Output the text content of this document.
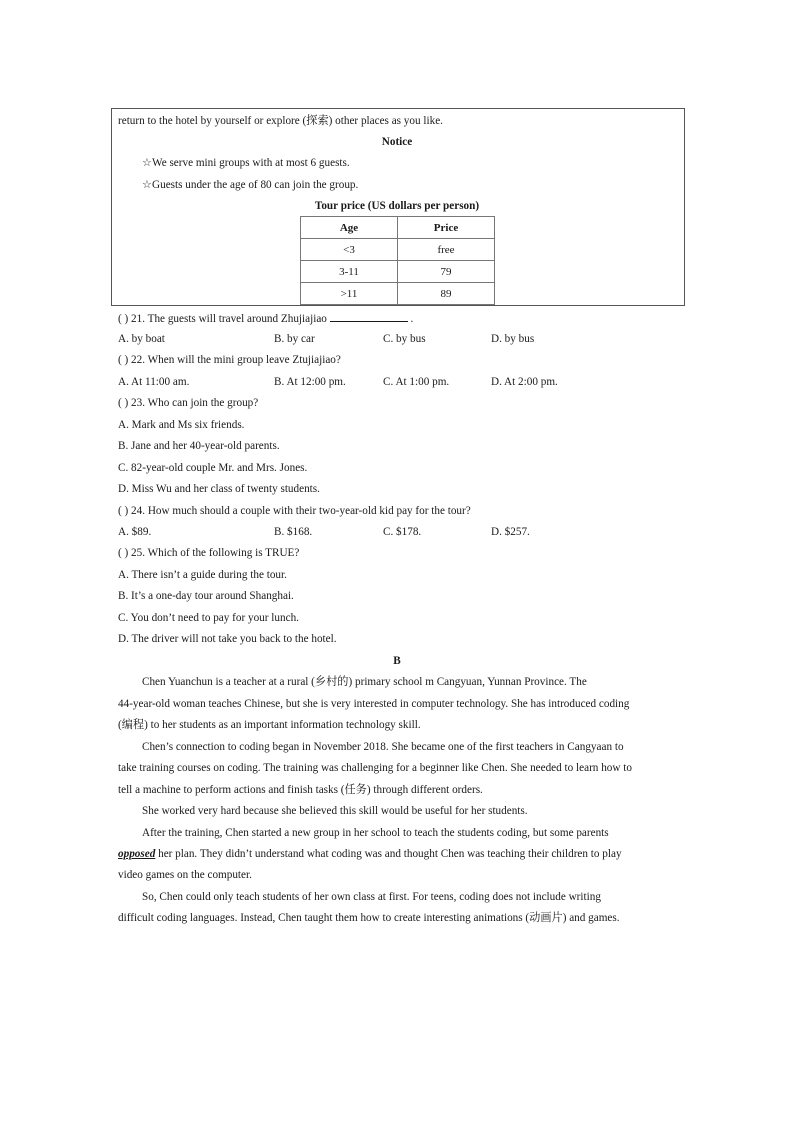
return to the hotel by yourself or explore (探索) other places as you like.
Notice
☆We serve mini groups with at most 6 guests.
☆Guests under the age of 80 can join the group.
Tour price (US dollars per person)
Age	Price
<3	free
3-11	79
>11	89
( ) 21. The guests will travel around Zhujiajiao	.
A. by boat	B. by car	C. by bus	D. by bus
( ) 22. When will the mini group leave Ztujiajiao?
A. At 11:00 am.	B. At 12:00 pm.	C. At 1:00 pm.	D. At 2:00 pm.
( ) 23. Who can join the group?
A. Mark and Ms six friends.
B. Jane and her 40-year-old parents.
C. 82-year-old couple Mr. and Mrs. Jones.
D. Miss Wu and her class of twenty students.
( ) 24. How much should a couple with their two-year-old kid pay for the tour?
A. $89.	B. $168.	C. $178.	D. $257.
( ) 25. Which of the following is TRUE?
A. There isn’t a guide during the tour.
B. It’s a one-day tour around Shanghai.
C. You don’t need to pay for your lunch.
D. The driver will not take you back to the hotel.
B
Chen Yuanchun is a teacher at a rural (乡村的) primary school m Cangyuan, Yunnan Province. The
44-year-old woman teaches Chinese, but she is very interested in computer technology. She has introduced coding
(编程) to her students as an important information technology skill.
Chen’s connection to coding began in November 2018. She became one of the first teachers in Cangyaan to
take training courses on coding. The training was challenging for a beginner like Chen. She needed to learn how to
tell a machine to perform actions and finish tasks (任务) through different orders.
She worked very hard because she believed this skill would be useful for her students.
After the training, Chen started a new group in her school to teach the students coding, but some parents
opposed her plan. They didn’t understand what coding was and thought Chen was teaching their children to play
video games on the computer.
So, Chen could only teach students of her own class at first. For teens, coding does not include writing
difficult coding languages. Instead, Chen taught them how to create interesting animations (动画片) and games.
